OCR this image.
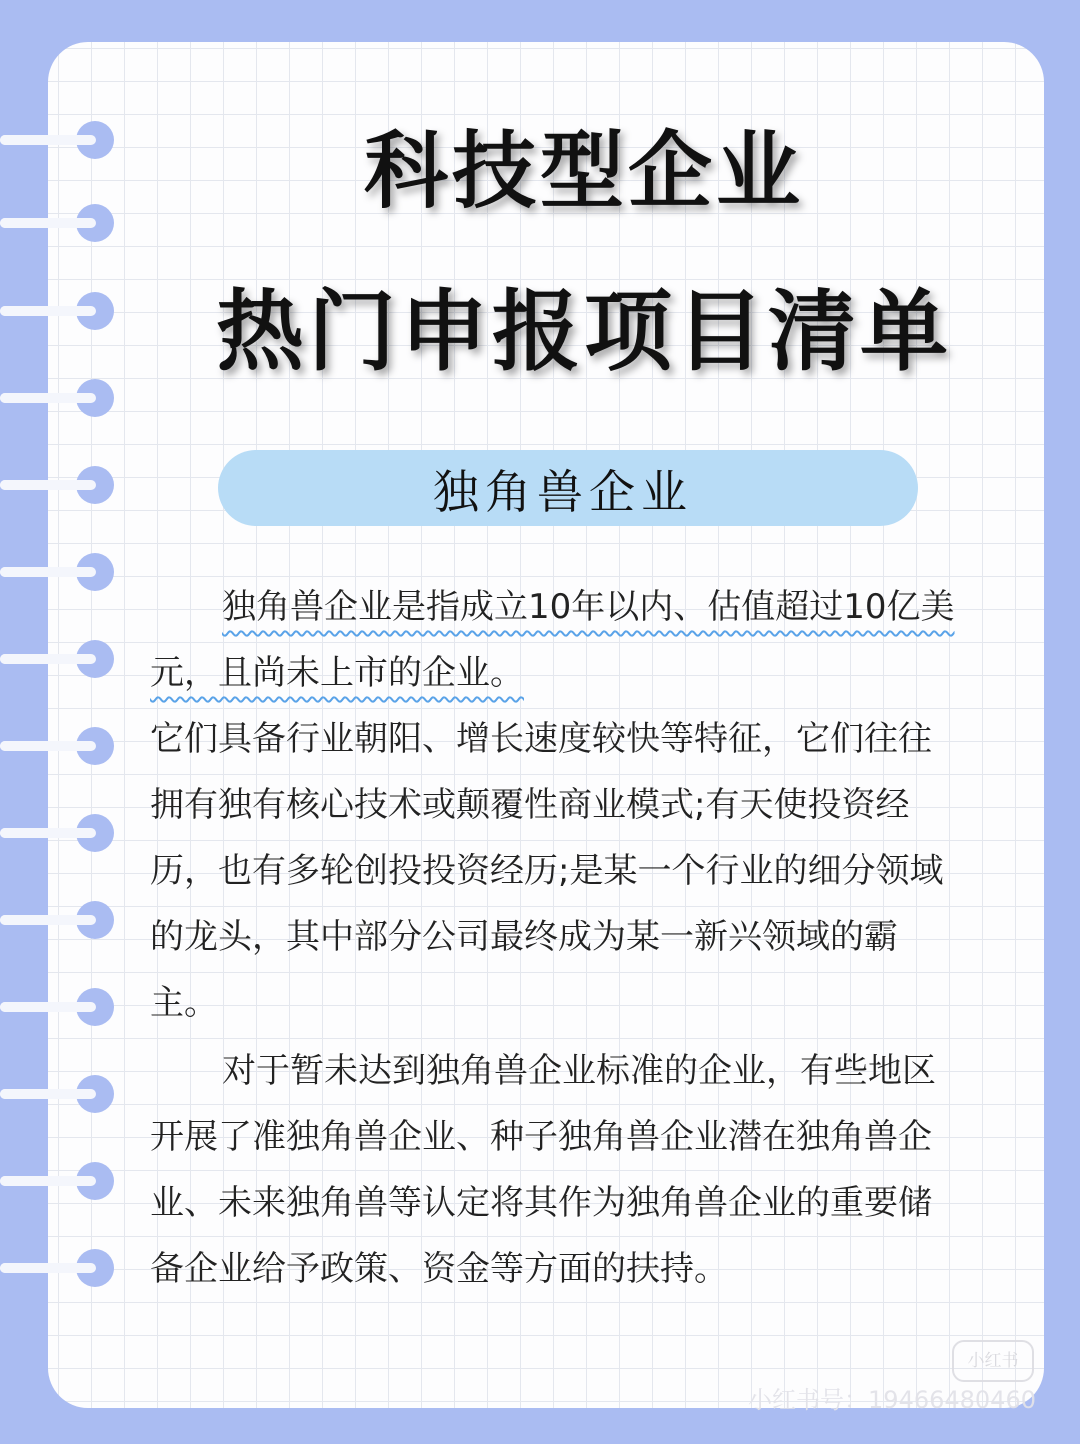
科技型企业
热门申报项目清单
独角兽企业
独角兽企业是指成立10年以内、估值超过10亿美
元，且尚未上市的企业。
它们具备行业朝阳、增长速度较快等特征，它们往往
拥有独有核心技术或颠覆性商业模式;有天使投资经
历，也有多轮创投投资经历;是某一个行业的细分领域
的龙头，其中部分公司最终成为某一新兴领域的霸
主。
对于暂未达到独角兽企业标准的企业，有些地区
开展了准独角兽企业、种子独角兽企业潜在独角兽企
业、未来独角兽等认定将其作为独角兽企业的重要储
备企业给予政策、资金等方面的扶持。
小红书
小红书号：19466480460
